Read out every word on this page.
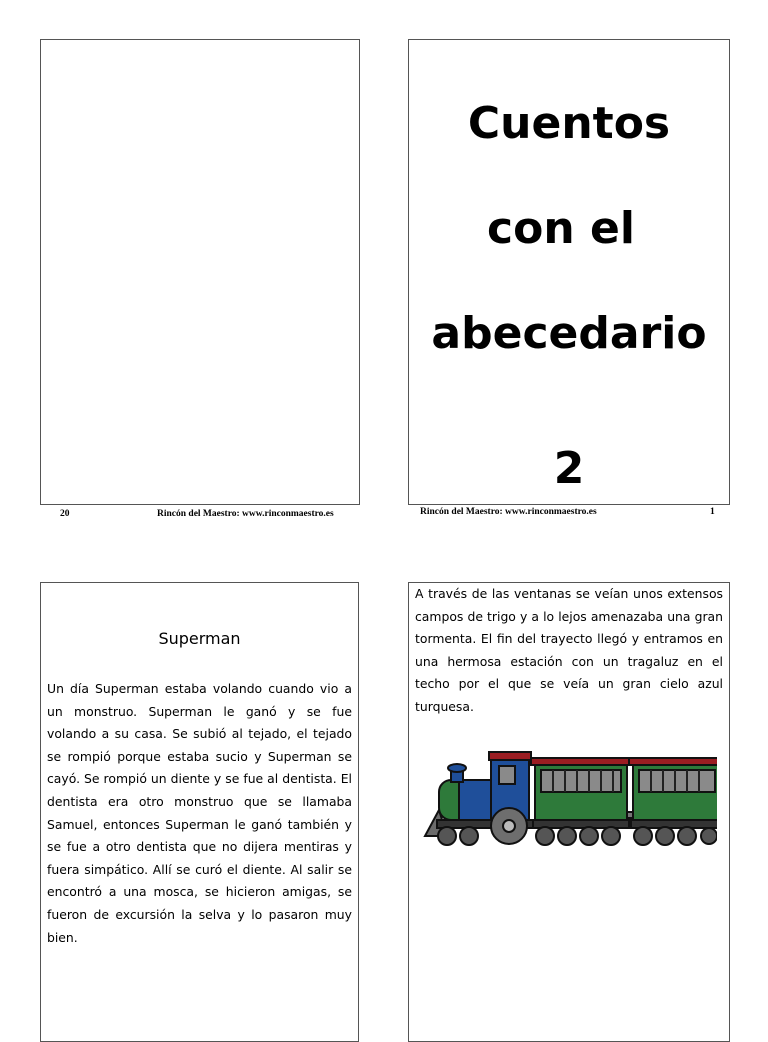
20	Rincón del Maestro: www.rinconmaestro.es
Cuentos
con el
abecedario
2
Rincón del Maestro: www.rinconmaestro.es	1
Superman

Un día Superman estaba volando cuando vio a un monstruo. Superman le ganó y se fue volando a su casa. Se subió al tejado, el tejado se rompió porque estaba sucio y Superman se cayó. Se rompió un diente y se fue al dentista. El dentista era otro monstruo que se llamaba Samuel, entonces Superman le ganó también y se fue a otro dentista que no dijera mentiras y fuera simpático. Allí se curó el diente. Al salir se encontró a una mosca, se hicieron amigas, se fueron de excursión la selva y lo pasaron muy bien.

A través de las ventanas se veían unos extensos campos de trigo y a lo lejos amenazaba una gran tormenta. El fin del trayecto llegó y entramos en una hermosa estación con un tragaluz en el techo por el que se veía un gran cielo azul turquesa.
